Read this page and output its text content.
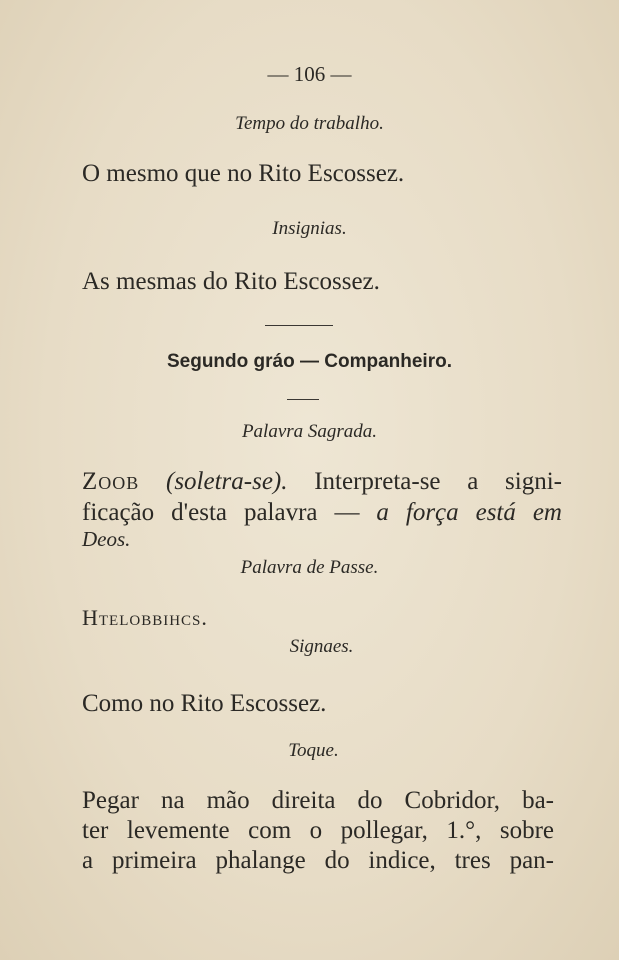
— 106 —
Tempo do trabalho.
O mesmo que no Rito Escossez.
Insignias.
As mesmas do Rito Escossez.
Segundo gráo — Companheiro.
Palavra Sagrada.
Zoob (soletra-se). Interpreta-se a signi-
ficação d'esta palavra — a força está em
Deos.
Palavra de Passe.
Htelobbihcs.
Signaes.
Como no Rito Escossez.
Toque.
Pegar na mão direita do Cobridor, ba-
ter levemente com o pollegar, 1.°, sobre
a primeira phalange do indice, tres pan-
